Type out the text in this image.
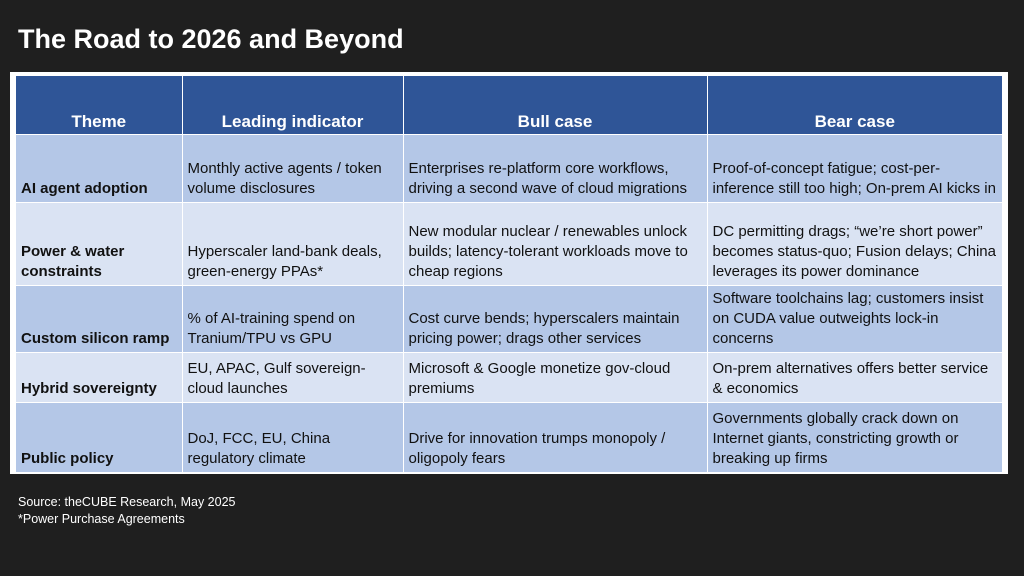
The Road to 2026 and Beyond
Theme	Leading indicator	Bull case	Bear case
AI agent adoption	Monthly active agents / token volume disclosures	Enterprises re-platform core workflows, driving a second wave of cloud migrations	Proof-of-concept fatigue; cost-per-inference still too high; On-prem AI kicks in
Power & water constraints	Hyperscaler land-bank deals, green-energy PPAs*	New modular nuclear / renewables unlock builds; latency-tolerant workloads move to cheap regions	DC permitting drags; “we’re short power” becomes status-quo; Fusion delays; China leverages its power dominance
Custom silicon ramp	% of AI-training spend on Tranium/TPU vs GPU	Cost curve bends; hyperscalers maintain pricing power; drags other services	Software toolchains lag; customers insist on CUDA value outweights lock-in concerns
Hybrid sovereignty	EU, APAC, Gulf sovereign-cloud launches	Microsoft & Google monetize gov-cloud premiums	On-prem alternatives offers better service & economics
Public policy	DoJ, FCC, EU, China regulatory climate	Drive for innovation trumps monopoly / oligopoly fears	Governments globally crack down on Internet giants, constricting growth or breaking up firms
Source: theCUBE Research, May 2025
*Power Purchase Agreements
